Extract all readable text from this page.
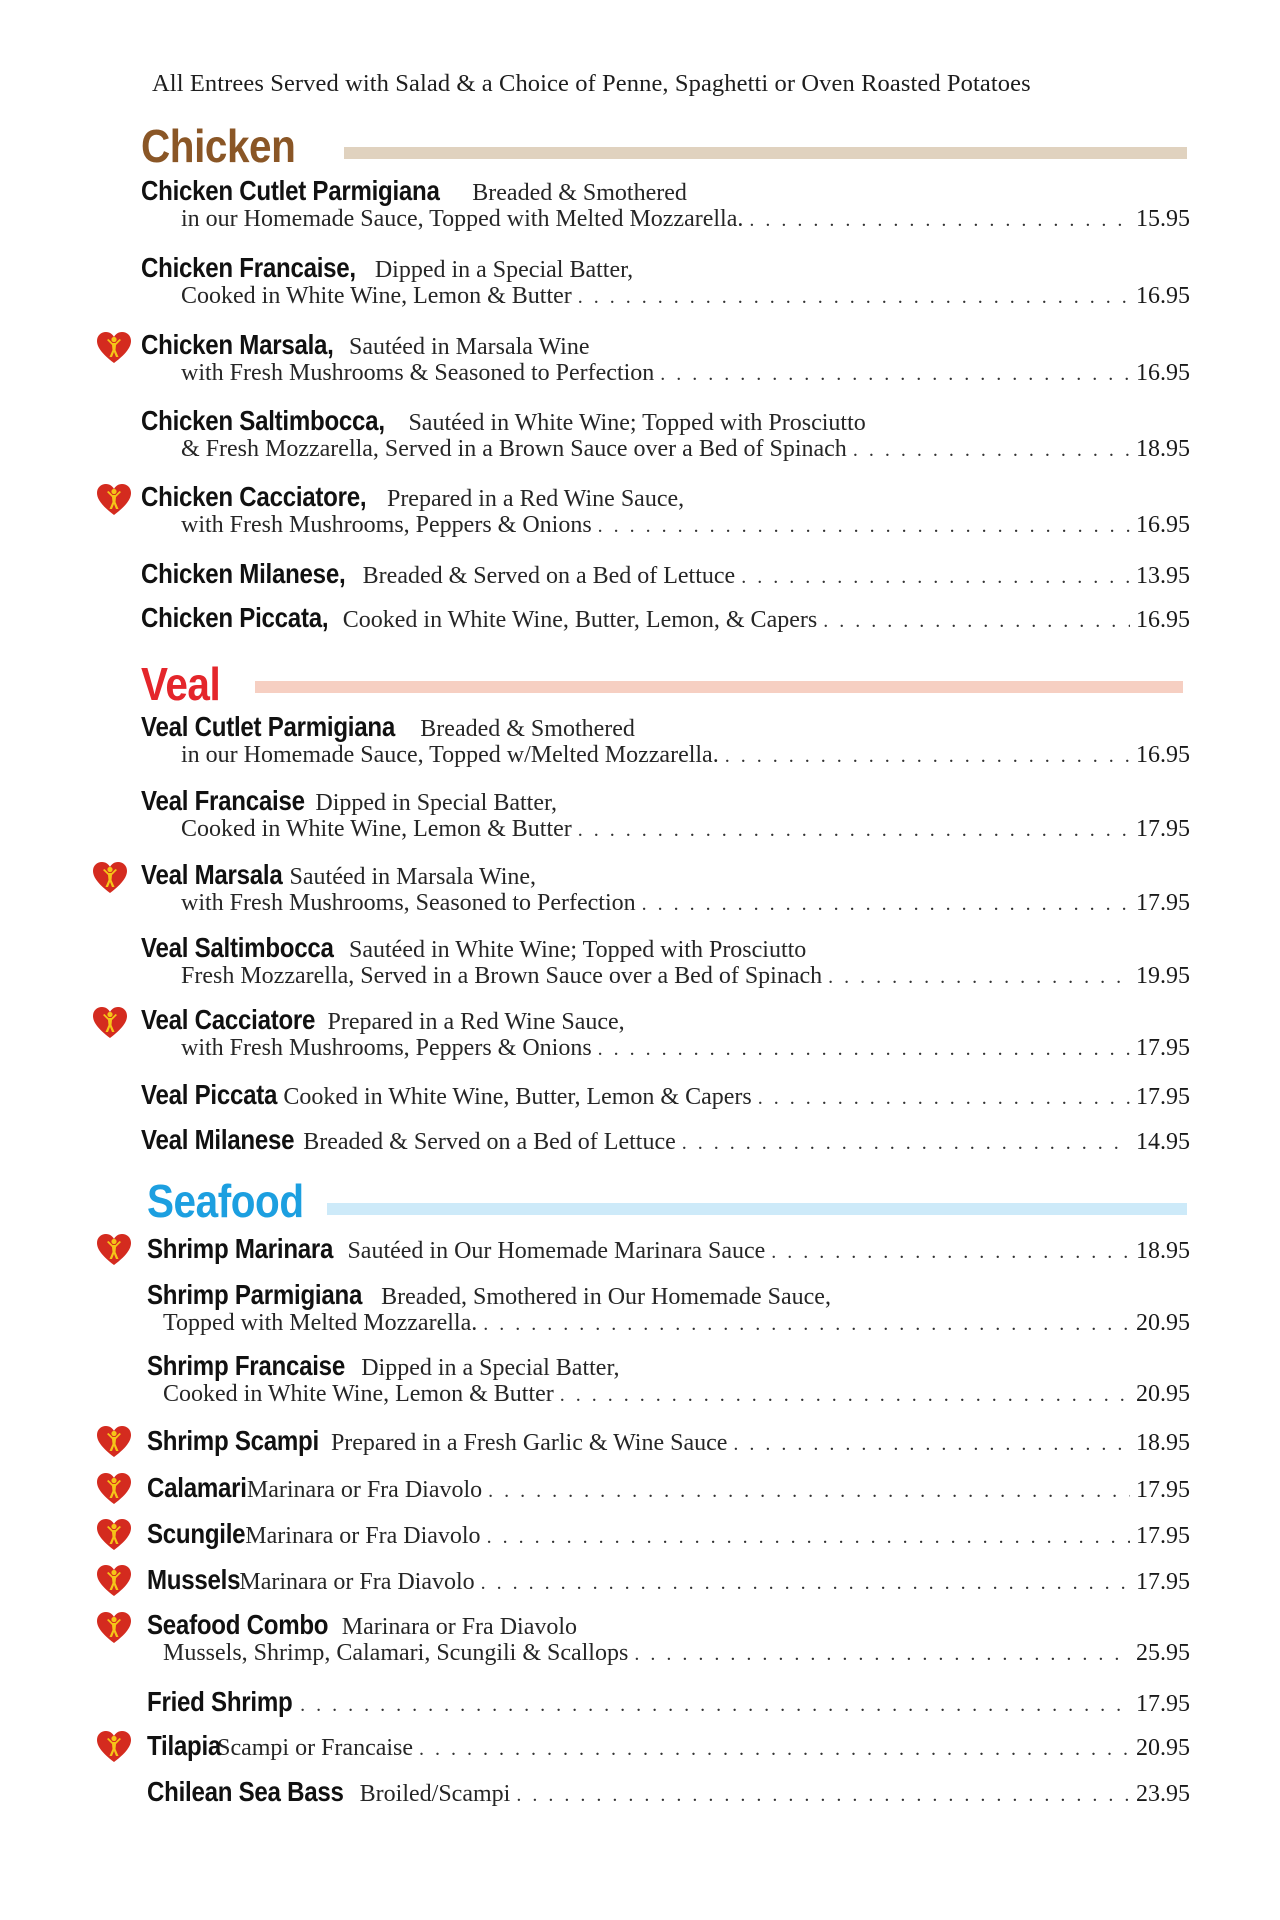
All Entrees Served with Salad & a Choice of Penne, Spaghetti or Oven Roasted Potatoes
Chicken
Chicken Cutlet Parmigiana Breaded & Smothered
in our Homemade Sauce, Topped with Melted Mozzarella. . . .	15.95
Chicken Francaise, Dipped in a Special Batter,
Cooked in White Wine, Lemon & Butter . . .	16.95
Chicken Marsala, Sautéed in Marsala Wine
with Fresh Mushrooms & Seasoned to Perfection . . .	16.95
Chicken Saltimbocca, Sautéed in White Wine; Topped with Prosciutto
& Fresh Mozzarella, Served in a Brown Sauce over a Bed of Spinach . . .	18.95
Chicken Cacciatore, Prepared in a Red Wine Sauce,
with Fresh Mushrooms, Peppers & Onions . . .	16.95
Chicken Milanese,
Breaded & Served on a Bed of Lettuce . . .	13.95
Chicken Piccata,
Cooked in White Wine, Butter, Lemon, & Capers . . .	16.95
Veal
Veal Cutlet Parmigiana Breaded & Smothered
in our Homemade Sauce, Topped w/Melted Mozzarella. . . .	16.95
Veal Francaise Dipped in Special Batter,
Cooked in White Wine, Lemon & Butter . . .	17.95
Veal Marsala Sautéed in Marsala Wine,
with Fresh Mushrooms, Seasoned to Perfection . . .	17.95
Veal Saltimbocca Sautéed in White Wine; Topped with Prosciutto
Fresh Mozzarella, Served in a Brown Sauce over a Bed of Spinach . . .	19.95
Veal Cacciatore Prepared in a Red Wine Sauce,
with Fresh Mushrooms, Peppers & Onions . . .	17.95
Veal Piccata
Cooked in White Wine, Butter, Lemon & Capers . . .	17.95
Veal Milanese
Breaded & Served on a Bed of Lettuce . . .	14.95
Seafood
Shrimp Marinara
Sautéed in Our Homemade Marinara Sauce . . .	18.95
Shrimp Parmigiana Breaded, Smothered in Our Homemade Sauce,
Topped with Melted Mozzarella. . . .	20.95
Shrimp Francaise Dipped in a Special Batter,
Cooked in White Wine, Lemon & Butter . . .	20.95
Shrimp Scampi
Prepared in a Fresh Garlic & Wine Sauce . . .	18.95
Calamari
Marinara or Fra Diavolo . . .	17.95
Scungile
Marinara or Fra Diavolo . . .	17.95
Mussels
Marinara or Fra Diavolo . . .	17.95
Seafood Combo Marinara or Fra Diavolo
Mussels, Shrimp, Calamari, Scungili & Scallops . . .	25.95
Fried Shrimp . . .	17.95
Tilapia

Scampi or Francaise . . .	20.95
Chilean Sea Bass
Broiled/Scampi . . .	23.95
